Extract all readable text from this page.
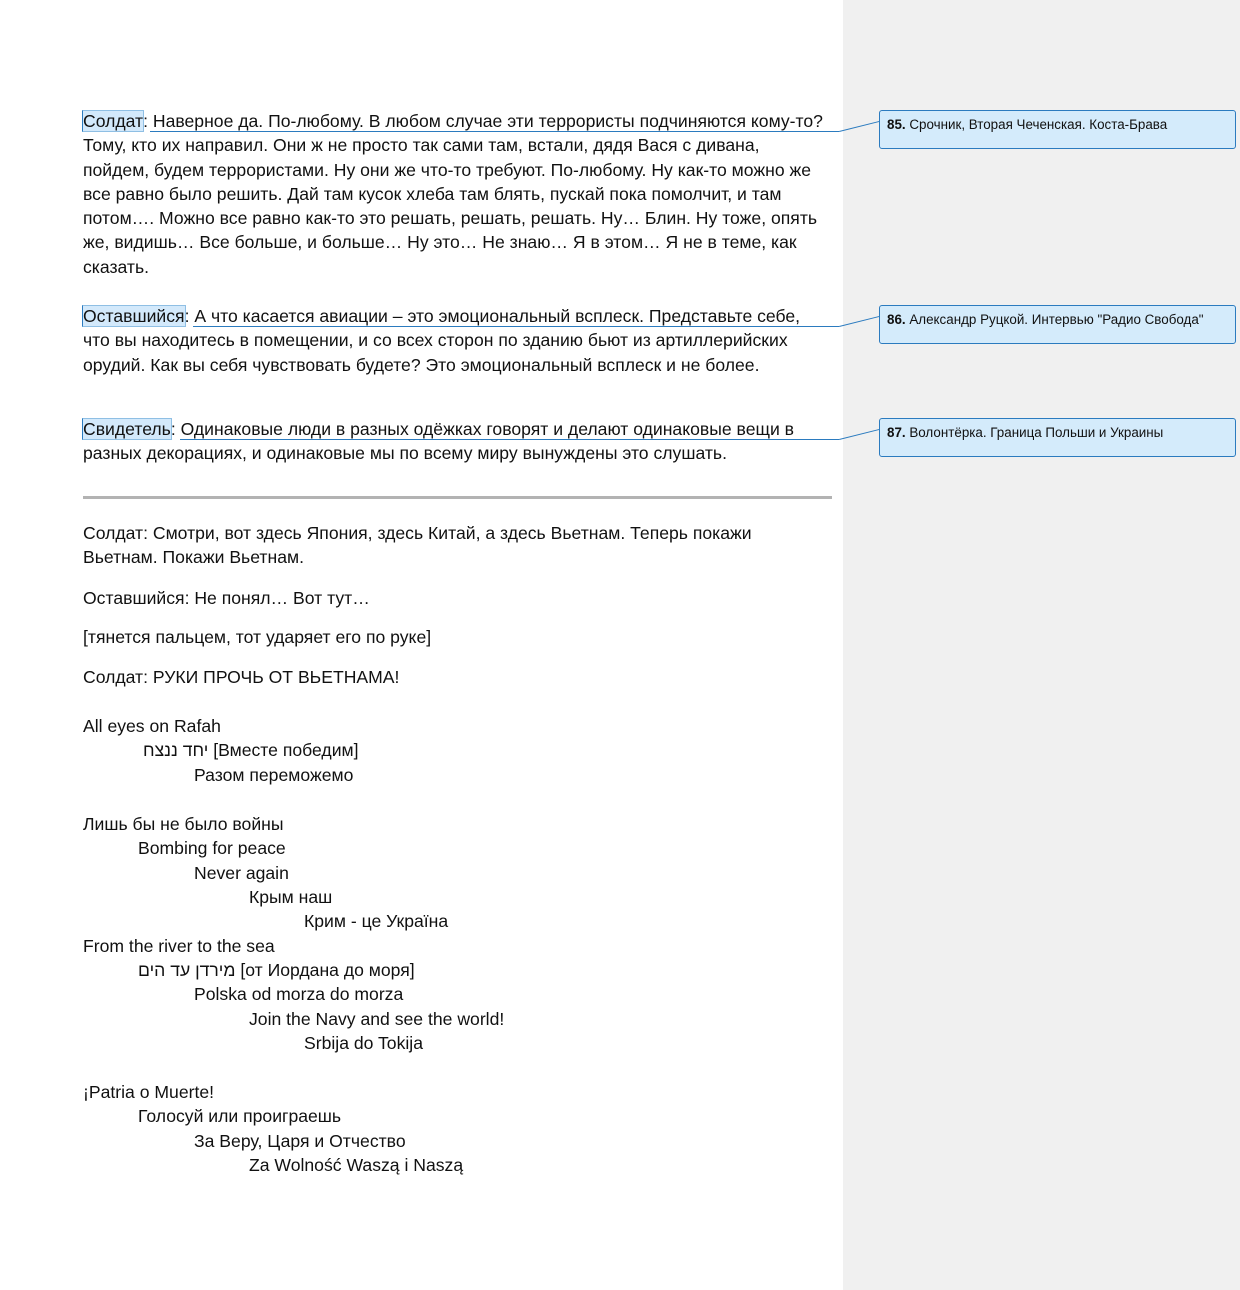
Солдат: Наверное да. По-любому. В любом случае эти террористы подчиняются кому-то? Тому, кто их направил. Они ж не просто так сами там, встали, дядя Вася с дивана, пойдем, будем террористами. Ну они же что-то требуют. По-любому. Ну как-то можно же все равно было решить. Дай там кусок хлеба там блять, пускай пока помолчит, и там потом…. Можно все равно как-то это решать, решать, решать. Ну… Блин. Ну тоже, опять же, видишь… Все больше, и больше… Ну это… Не знаю… Я в этом… Я не в теме, как сказать.

Оставшийся: А что касается авиации – это эмоциональный всплеск. Представьте себе, что вы находитесь в помещении, и со всех сторон по зданию бьют из артиллерийских орудий. Как вы себя чувствовать будете? Это эмоциональный всплеск и не более.

Свидетель: Одинаковые люди в разных одёжках говорят и делают одинаковые вещи в разных декорациях, и одинаковые мы по всему миру вынуждены это слушать.

85. Срочник, Вторая Чеченская. Коста-Брава
86. Александр Руцкой. Интервью "Радио Свобода"
87. Волонтёрка. Граница Польши и Украины

Солдат: Смотри, вот здесь Япония, здесь Китай, а здесь Вьетнам. Теперь покажи Вьетнам. Покажи Вьетнам.

Оставшийся: Не понял… Вот тут…

[тянется пальцем, тот ударяет его по руке]

Солдат: РУКИ ПРОЧЬ ОТ ВЬЕТНАМА!

All eyes on Rafah

יחד ננצח [Вместе победим]

Разом переможемо

Лишь бы не было войны

Bombing for peace

Never again

Крым наш

Крим - це Україна

From the river to the sea

מירדן עד הים [от Иордана до моря]

Polska od morza do morza

Join the Navy and see the world!

Srbija do Tokija

¡Patria o Muerte!

Голосуй или проиграешь

За Веру, Царя и Отчество

Za Wolność Waszą i Naszą
